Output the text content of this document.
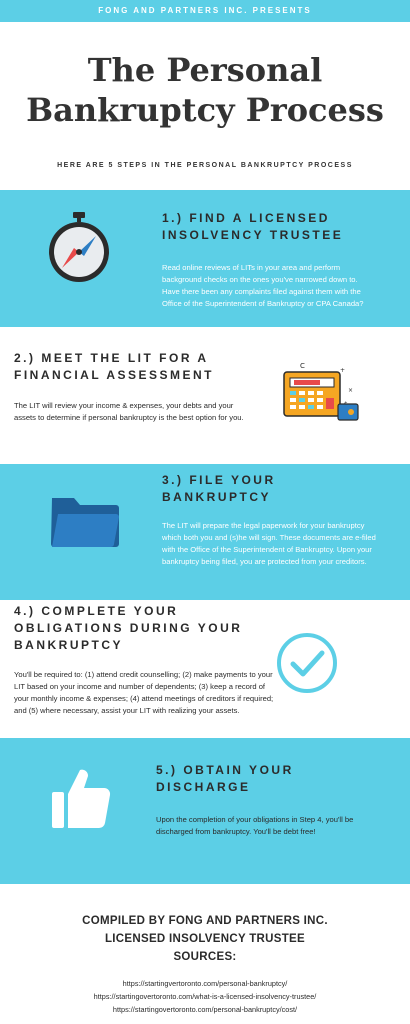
FONG AND PARTNERS INC. PRESENTS
The Personal
Bankruptcy Process
HERE ARE 5 STEPS IN THE PERSONAL BANKRUPTCY PROCESS
1.) FIND A LICENSED
INSOLVENCY TRUSTEE
Read online reviews of LITs in your area and perform background checks on the ones you've narrowed down to. Have there been any complaints filed against them with the Office of the Superintendent of Bankruptcy or CPA Canada?
2.) MEET THE LIT FOR A
FINANCIAL ASSESSMENT
The LIT will review your income & expenses, your debts and your assets to determine if personal bankruptcy is the best option for you.
C
+
×
3.) FILE YOUR
BANKRUPTCY
The LIT will prepare the legal paperwork for your bankruptcy which both you and (s)he will sign. These documents are e-filed with the Office of the Superintendent of Bankruptcy. Upon your bankruptcy being filed, you are protected from your creditors.
4.) COMPLETE YOUR
OBLIGATIONS DURING YOUR
BANKRUPTCY
You'll be required to: (1) attend credit counselling; (2) make payments to your LIT based on your income and number of dependents; (3) keep a record of your monthly income & expenses; (4) attend meetings of creditors if required; and (5) where necessary, assist your LIT with realizing your assets.
5.) OBTAIN YOUR
DISCHARGE
Upon the completion of your obligations in Step 4, you'll be discharged from bankruptcy. You'll be debt free!
COMPILED BY FONG AND PARTNERS INC.
LICENSED INSOLVENCY TRUSTEE
SOURCES:
https://startingvertoronto.com/personal-bankruptcy/
https://startingovertoronto.com/what-is-a-licensed-insolvency-trustee/
https://startingovertoronto.com/personal-bankruptcy/cost/
